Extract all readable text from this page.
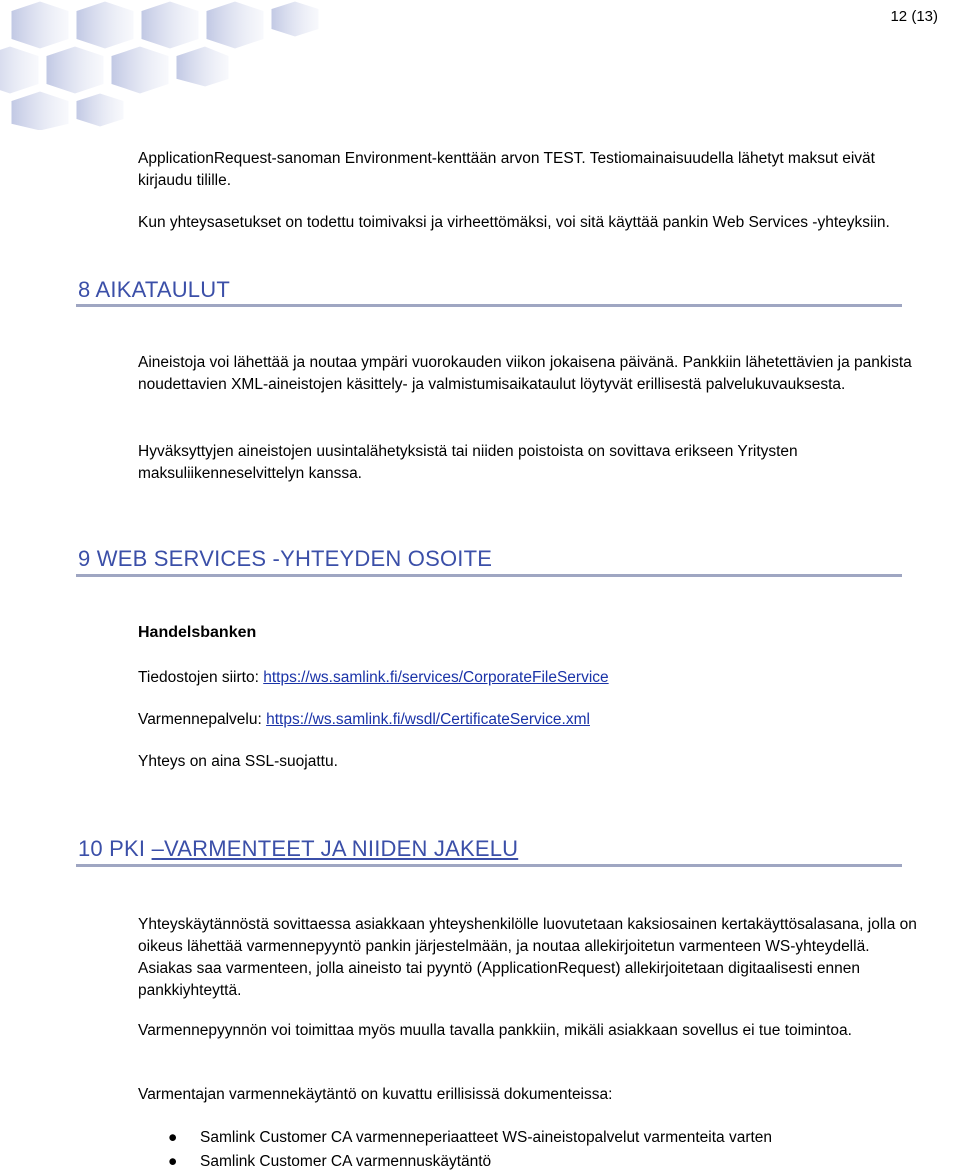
12 (13)

ApplicationRequest-sanoman Environment-kenttään arvon TEST. Testiomainaisuudella lähetyt maksut eivät kirjaudu tilille.

Kun yhteysasetukset on todettu toimivaksi ja virheettömäksi, voi sitä käyttää pankin Web Services -yhteyksiin.

8 AIKATAULUT

Aineistoja voi lähettää ja noutaa ympäri vuorokauden viikon jokaisena päivänä. Pankkiin lähetettävien ja pankista noudettavien XML-aineistojen käsittely- ja valmistumisaikataulut löytyvät erillisestä palvelukuvauksesta.

Hyväksyttyjen aineistojen uusintalähetyksistä tai niiden poistoista on sovittava erikseen Yritysten maksuliikenneselvittelyn kanssa.

9 WEB SERVICES -YHTEYDEN OSOITE
Handelsbanken

Tiedostojen siirto: https://ws.samlink.fi/services/CorporateFileService

Varmennepalvelu: https://ws.samlink.fi/wsdl/CertificateService.xml

Yhteys on aina SSL-suojattu.

10 PKI –VARMENTEET JA NIIDEN JAKELU

Yhteyskäytännöstä sovittaessa asiakkaan yhteyshenkilölle luovutetaan kaksiosainen kertakäyttösalasana, jolla on oikeus lähettää varmennepyyntö pankin järjestelmään, ja noutaa allekirjoitetun varmenteen WS-yhteydellä. Asiakas saa varmenteen, jolla aineisto tai pyyntö (ApplicationRequest) allekirjoitetaan digitaalisesti ennen pankkiyhteyttä.

Varmennepyynnön voi toimittaa myös muulla tavalla pankkiin, mikäli asiakkaan sovellus ei tue toimintoa.

Varmentajan varmennekäytäntö on kuvattu erillisissä dokumenteissa:

● Samlink Customer CA varmenneperiaatteet WS-aineistopalvelut varmenteita varten
● Samlink Customer CA varmennuskäytäntö
